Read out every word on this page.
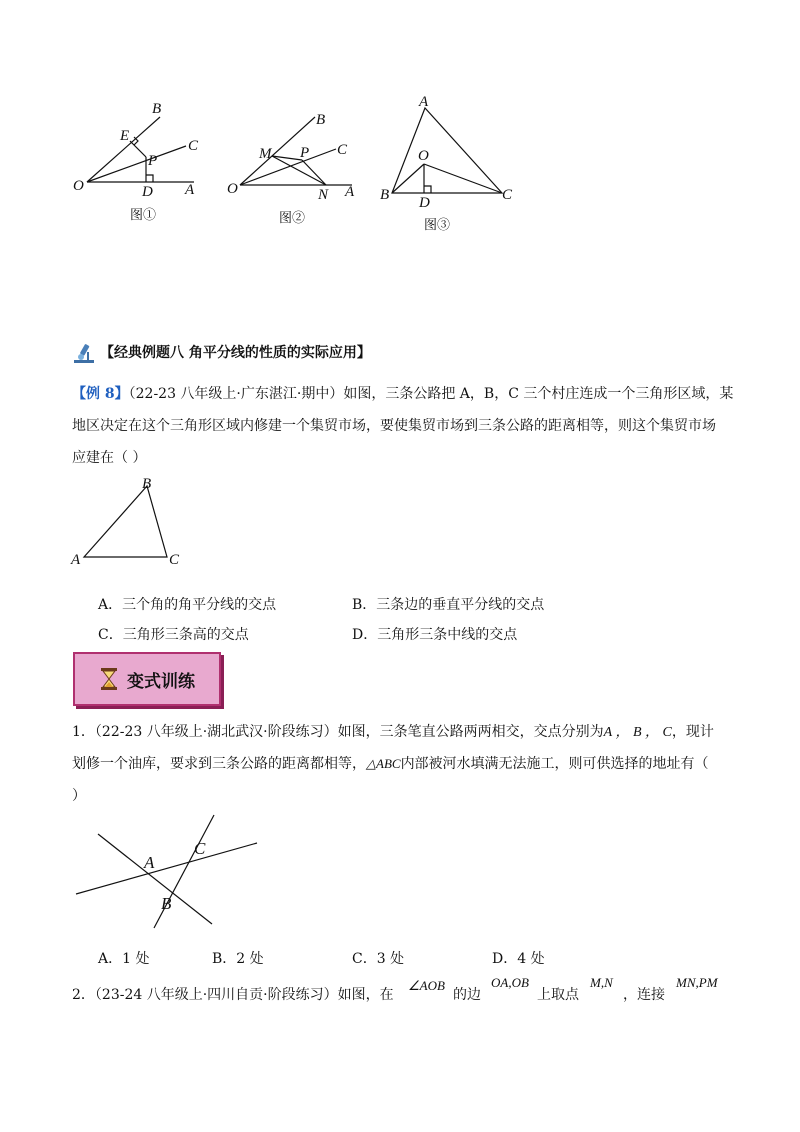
B
E
C
P
O	D A
图①
B
M P C
O	N A
图②
A
O
B D	C
图③
【经典例题八 角平分线的性质的实际应用】
【例 8】（22-23 八年级上·广东湛江·期中）如图，三条公路把 A，B，C 三个村庄连成一个三角形区域，某
地区决定在这个三角形区域内修建一个集贸市场，要使集贸市场到三条公路的距离相等，则这个集贸市场
应建在（ ）
B
A	C
A．三个角的角平分线的交点	B．三条边的垂直平分线的交点
C．三角形三条高的交点	D．三角形三条中线的交点
变式训练
1．（22-23 八年级上·湖北武汉·阶段练习）如图，三条笔直公路两两相交，交点分别为A ， B ， C，现计
划修一个油库，要求到三条公路的距离都相等，△ABC内部被河水填满无法施工，则可供选择的地址有（
）
A
C
B
A．1 处	B．2 处	C．3 处	D．4 处
2．（23-24 八年级上·四川自贡·阶段练习）如图，在
∠AOB
的边
OA,OB
上取点
M,N
，连接
MN,PM
